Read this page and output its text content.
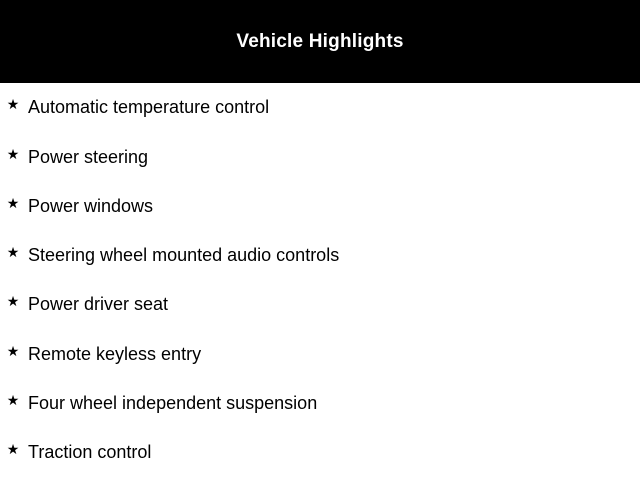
Vehicle Highlights
★ Automatic temperature control
★ Power steering
★ Power windows
★ Steering wheel mounted audio controls
★ Power driver seat
★ Remote keyless entry
★ Four wheel independent suspension
★ Traction control
